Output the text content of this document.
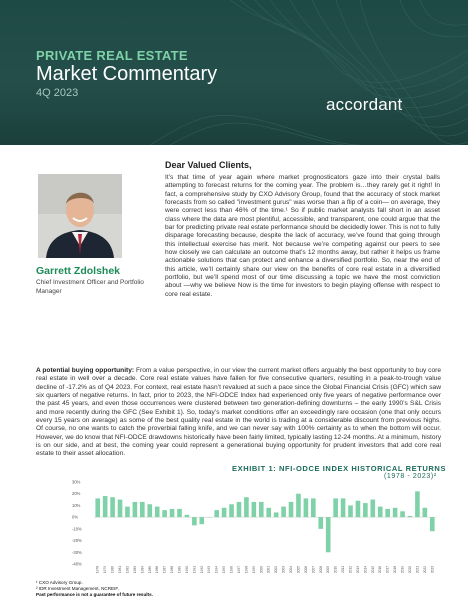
PRIVATE REAL ESTATE
Market Commentary
4Q 2023
accordant
Garrett Zdolshek
Chief Investment Officer and Portfolio Manager
Dear Valued Clients,

It’s that time of year again where market prognosticators gaze into their crystal balls attempting to forecast returns for the coming year. The problem is…they rarely get it right! In fact, a comprehensive study by CXO Advisory Group, found that the accuracy of stock market forecasts from so called "investment gurus" was worse than a flip of a coin— on average, they were correct less than 46% of the time.¹ So if public market analysts fall short in an asset class where the data are most plentiful, accessible, and transparent, one could argue that the bar for predicting private real estate performance should be decidedly lower. This is not to fully disparage forecasting because, despite the lack of accuracy, we’ve found that going through this intellectual exercise has merit. Not because we’re competing against our peers to see how closely we can calculate an outcome that’s 12 months away, but rather it helps us frame actionable solutions that can protect and enhance a diversified portfolio. So, near the end of this article, we’ll certainly share our view on the benefits of core real estate in a diversified portfolio, but we’ll spend most of our time discussing a topic we have the most conviction about —why we believe Now is the time for investors to begin playing offense with respect to core real estate.

A potential buying opportunity: From a value perspective, in our view the current market offers arguably the best opportunity to buy core real estate in well over a decade. Core real estate values have fallen for five consecutive quarters, resulting in a peak-to-trough value decline of -17.2% as of Q4 2023. For context, real estate hasn’t revalued at such a pace since the Global Financial Crisis (GFC) which saw six quarters of negative returns. In fact, prior to 2023, the NFI-ODCE Index had experienced only five years of negative performance over the past 45 years, and even those occurrences were clustered between two generation-defining downturns – the early 1990’s S&L Crisis and more recently during the GFC (See Exhibit 1). So, today’s market conditions offer an exceedingly rare occasion (one that only occurs every 15 years on average) as some of the best quality real estate in the world is trading at a considerable discount from previous highs. Of course, no one wants to catch the proverbial falling knife, and we can never say with 100% certainty as to when the bottom will occur. However, we do know that NFI-ODCE drawdowns historically have been fairly limited, typically lasting 12-24 months. At a minimum, history is on our side, and at best, the coming year could represent a generational buying opportunity for prudent investors that add core real estate to their asset allocation.

EXHIBIT 1: NFI-ODCE INDEX HISTORICAL RETURNS
(1978 - 2023)²
30%
20%
10%
0%
-10%
-20%
-30%
-40%
1978 1979 1980 1981 1982 1983 1984 1985 1986 1987 1988 1989 1990 1991 1992 1993 1994 1995 1996 1997 1998 1999 2000 2001 2002 2003 2004 2005 2006 2007 2008 2009 2010 2011 2012 2013 2014 2015 2016 2017 2018 2019 2020 2021 2022 2023
¹ CXO Advisory Group.
² IDR Investment Management, NCREIF.
Past performance is not a guarantee of future results.
